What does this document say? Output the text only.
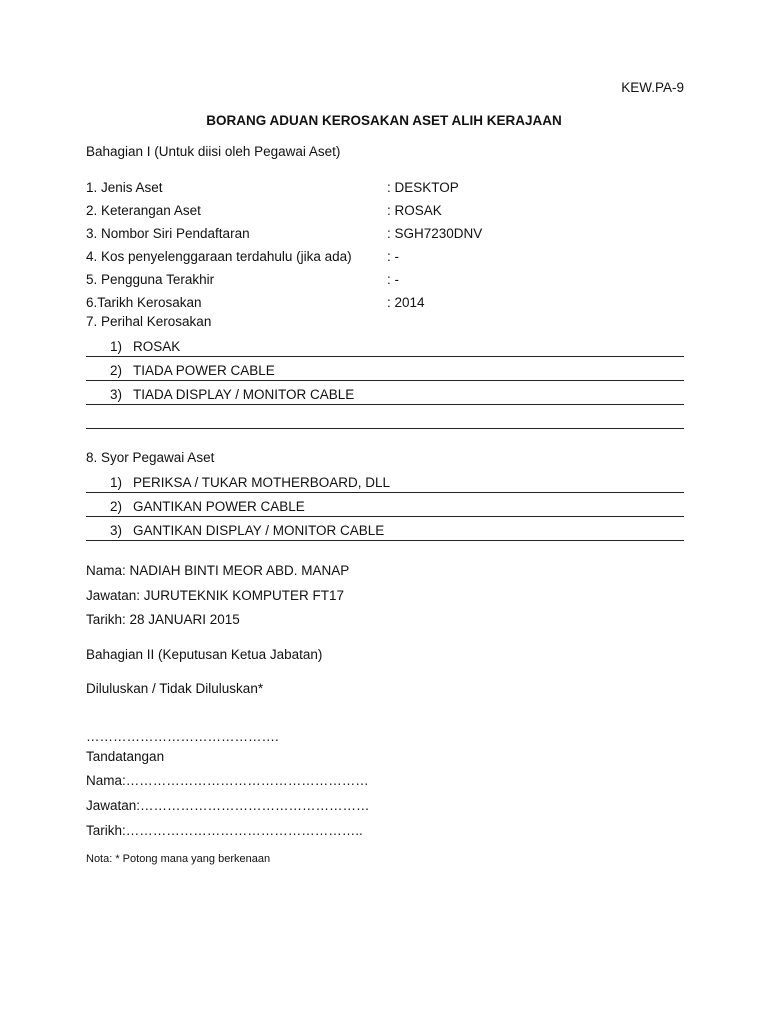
KEW.PA-9
BORANG ADUAN KEROSAKAN ASET ALIH KERAJAAN
Bahagian I (Untuk diisi oleh Pegawai Aset)
1. Jenis Aset	: DESKTOP
2. Keterangan Aset	: ROSAK
3. Nombor Siri Pendaftaran	: SGH7230DNV
4. Kos penyelenggaraan terdahulu (jika ada)	: -
5. Pengguna Terakhir	: -
6.Tarikh Kerosakan	: 2014
7. Perihal Kerosakan
1) ROSAK
2) TIADA POWER CABLE
3) TIADA DISPLAY / MONITOR CABLE
8. Syor Pegawai Aset
1) PERIKSA / TUKAR MOTHERBOARD, DLL
2) GANTIKAN POWER CABLE
3) GANTIKAN DISPLAY / MONITOR CABLE
Nama: NADIAH BINTI MEOR ABD. MANAP
Jawatan: JURUTEKNIK KOMPUTER FT17
Tarikh: 28 JANUARI 2015
Bahagian II (Keputusan Ketua Jabatan)
Diluluskan / Tidak Diluluskan*
…………………………………….
Tandatangan
Nama:………………………………………………
Jawatan:……………………………………………
Tarikh:……………………………………………..
Nota: * Potong mana yang berkenaan
